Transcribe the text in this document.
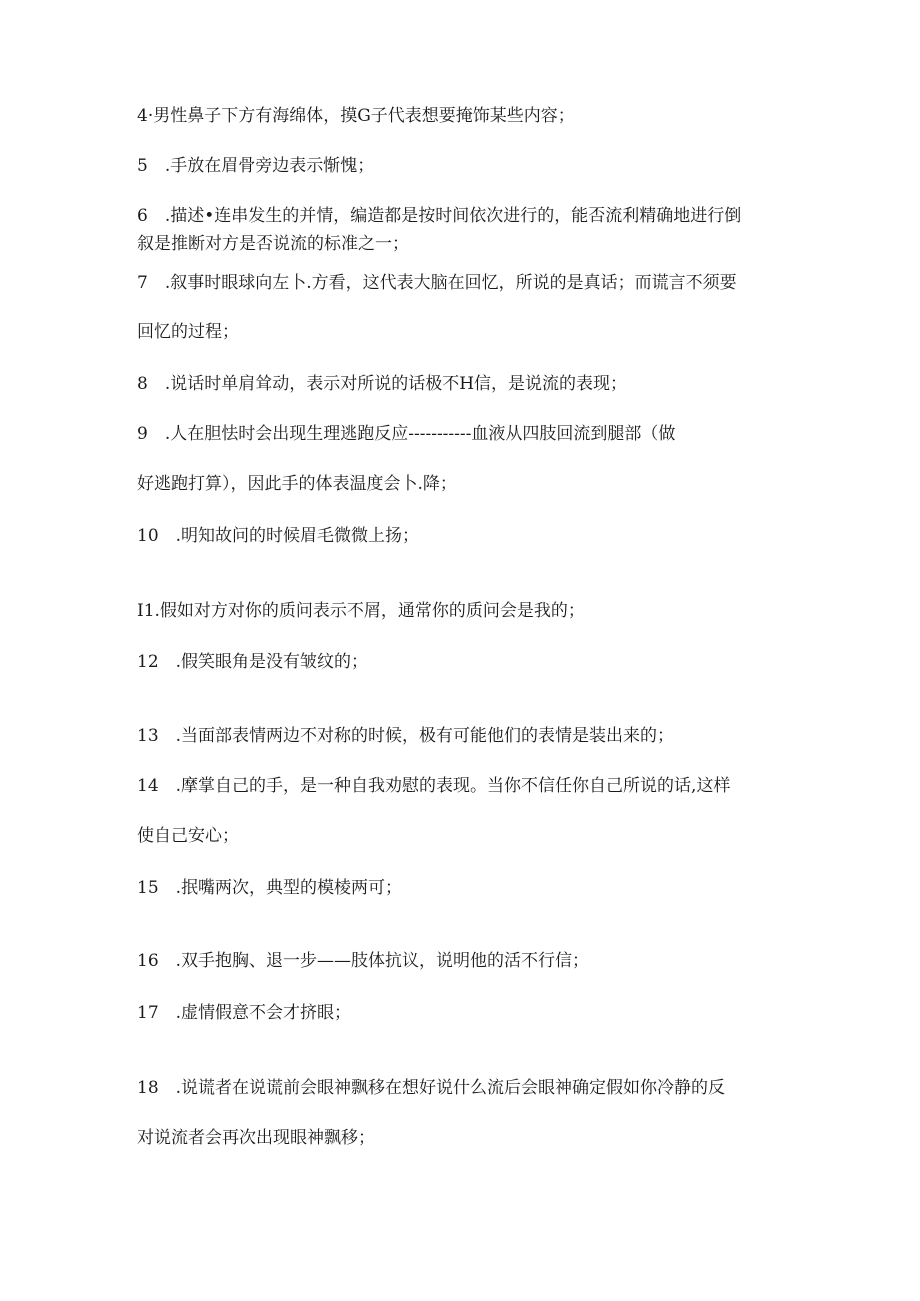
4·男性鼻子下方有海绵体，摸G子代表想要掩饰某些内容；

5　.手放在眉骨旁边表示惭愧；

6　.描述•连串发生的并情，编造都是按时间依次进行的，能否流利精确地进行倒

叙是推断对方是否说流的标准之一；

7　.叙事时眼球向左卜.方看，这代表大脑在回忆，所说的是真话；而谎言不须要

回忆的过程；

8　.说话时单肩耸动，表示对所说的话极不H信，是说流的表现；

9　.人在胆怯时会出现生理逃跑反应-----------血液从四肢回流到腿部（做

好逃跑打算），因此手的体表温度会卜.降；

10　.明知故问的时候眉毛微微上扬；

I1.假如对方对你的质问表示不屑，通常你的质问会是我的；

12　.假笑眼角是没有皱纹的；

13　.当面部表情两边不对称的时候，极有可能他们的表情是装出来的；

14　.摩掌自己的手，是一种自我劝慰的表现。当你不信任你自己所说的话,这样

使自己安心；

15　.抿嘴两次，典型的模棱两可；

16　.双手抱胸、退一步——肢体抗议，说明他的活不行信；

17　.虚情假意不会才挤眼；

18　.说谎者在说谎前会眼神飘移在想好说什么流后会眼神确定假如你冷静的反

对说流者会再次出现眼神飘移；
